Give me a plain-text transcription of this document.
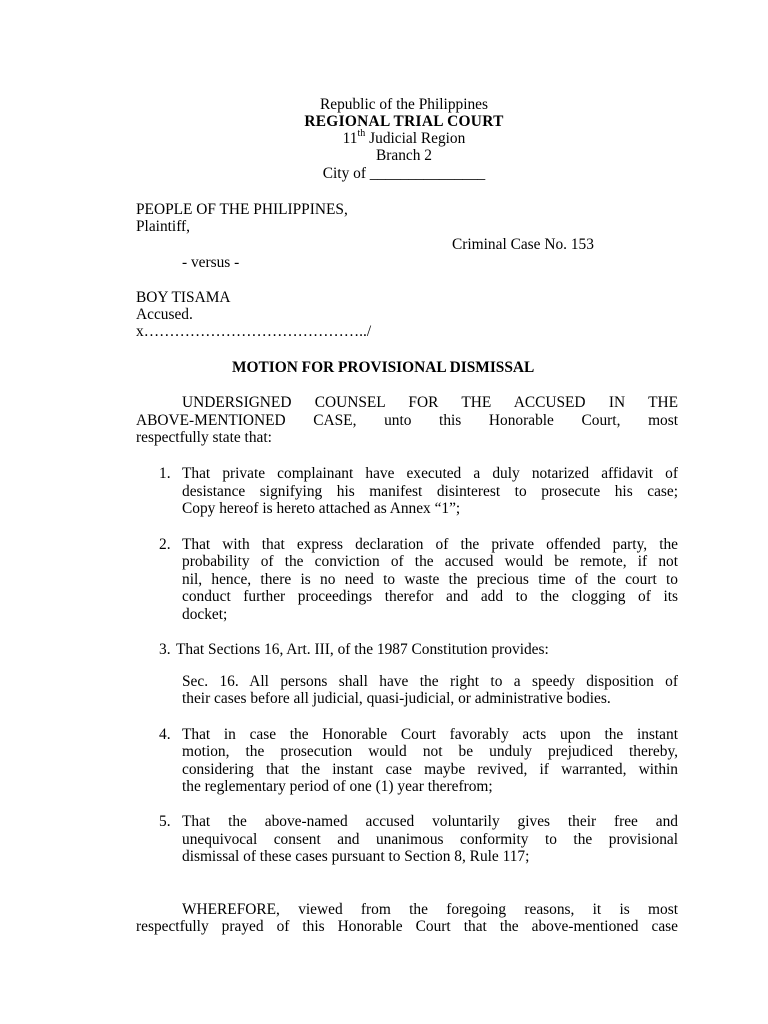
Republic of the Philippines
REGIONAL TRIAL COURT
11th Judicial Region
Branch 2
City of _______________
PEOPLE OF THE PHILIPPINES,
Plaintiff,
Criminal Case No. 153
- versus -
BOY TISAMA
Accused.
x……………………………………../
MOTION FOR PROVISIONAL DISMISSAL
UNDERSIGNED COUNSEL FOR THE ACCUSED IN THE
ABOVE-MENTIONED CASE, unto this Honorable Court, most
respectfully state that:
1. That private complainant have executed a duly notarized affidavit of
desistance signifying his manifest disinterest to prosecute his case;
Copy hereof is hereto attached as Annex “1”;
2. That with that express declaration of the private offended party, the
probability of the conviction of the accused would be remote, if not
nil, hence, there is no need to waste the precious time of the court to
conduct further proceedings therefor and add to the clogging of its
docket;
3. That Sections 16, Art. III, of the 1987 Constitution provides:
Sec. 16. All persons shall have the right to a speedy disposition of
their cases before all judicial, quasi-judicial, or administrative bodies.
4. That in case the Honorable Court favorably acts upon the instant
motion, the prosecution would not be unduly prejudiced thereby,
considering that the instant case maybe revived, if warranted, within
the reglementary period of one (1) year therefrom;
5. That the above-named accused voluntarily gives their free and
unequivocal consent and unanimous conformity to the provisional
dismissal of these cases pursuant to Section 8, Rule 117;
WHEREFORE, viewed from the foregoing reasons, it is most
respectfully prayed of this Honorable Court that the above-mentioned case
